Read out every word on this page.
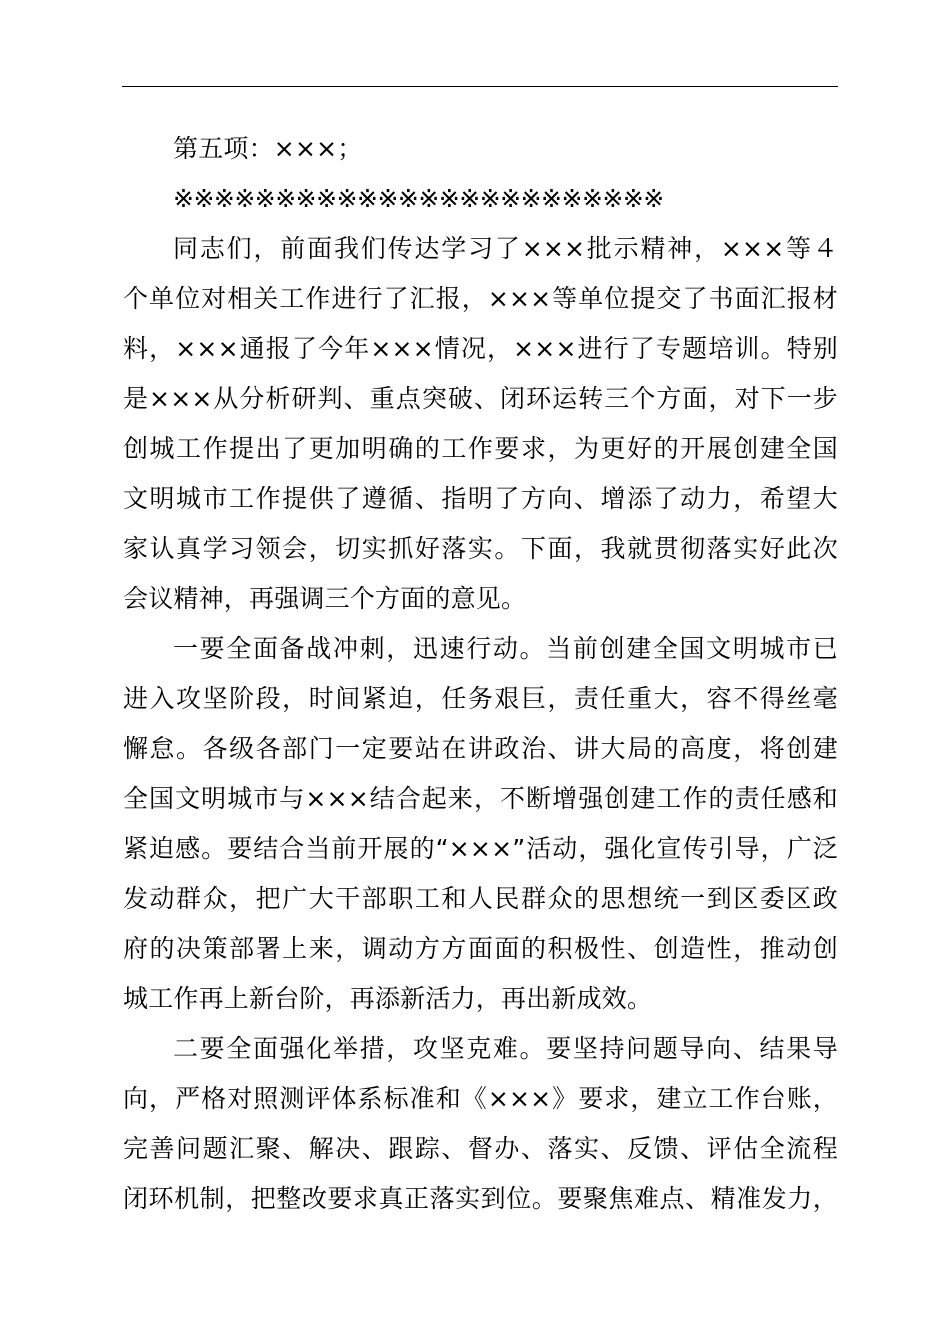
第五项：×××；
※※※※※※※※※※※※※※※※※※※※※※※※
同志们，前面我们传达学习了×××批示精神，×××等４
个单位对相关工作进行了汇报，×××等单位提交了书面汇报材
料，×××通报了今年×××情况，×××进行了专题培训。特别
是×××从分析研判、重点突破、闭环运转三个方面，对下一步
创城工作提出了更加明确的工作要求，为更好的开展创建全国
文明城市工作提供了遵循、指明了方向、增添了动力，希望大
家认真学习领会，切实抓好落实。下面，我就贯彻落实好此次
会议精神，再强调三个方面的意见。
一要全面备战冲刺，迅速行动。当前创建全国文明城市已
进入攻坚阶段，时间紧迫，任务艰巨，责任重大，容不得丝毫
懈怠。各级各部门一定要站在讲政治、讲大局的高度，将创建
全国文明城市与×××结合起来，不断增强创建工作的责任感和
紧迫感。要结合当前开展的“×××”活动，强化宣传引导，广泛
发动群众，把广大干部职工和人民群众的思想统一到区委区政
府的决策部署上来，调动方方面面的积极性、创造性，推动创
城工作再上新台阶，再添新活力，再出新成效。
二要全面强化举措，攻坚克难。要坚持问题导向、结果导
向，严格对照测评体系标准和《×××》要求，建立工作台账，
完善问题汇聚、解决、跟踪、督办、落实、反馈、评估全流程
闭环机制，把整改要求真正落实到位。要聚焦难点、精准发力，
